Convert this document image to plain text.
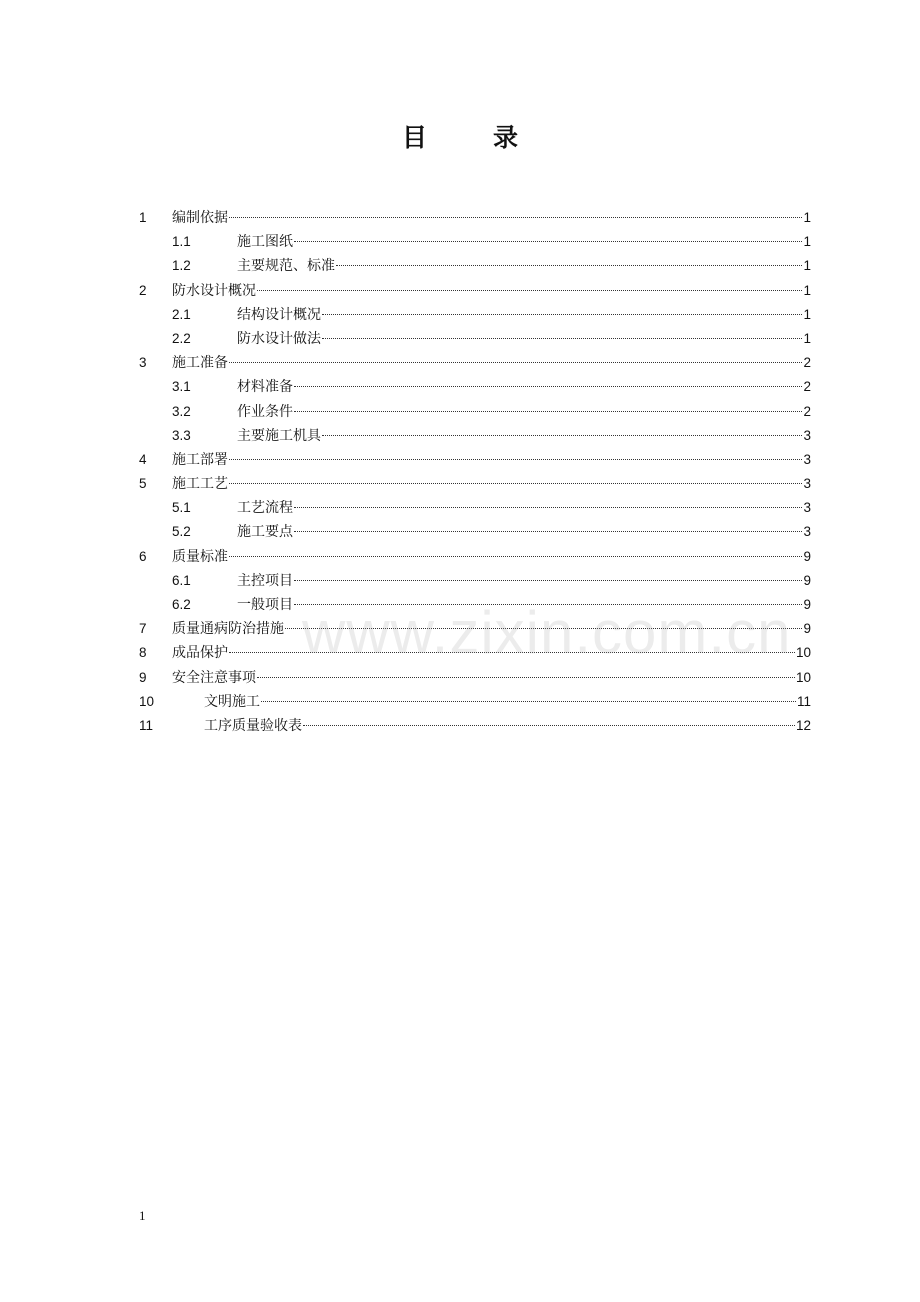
目	录
1	编制依据	1
1.1	施工图纸	1
1.2	主要规范、标准	1
2	防水设计概况	1
2.1	结构设计概况	1
2.2	防水设计做法	1
3	施工准备	2
3.1	材料准备	2
3.2	作业条件	2
3.3	主要施工机具	3
4	施工部署	3
5	施工工艺	3
5.1	工艺流程	3
5.2	施工要点	3
6	质量标准	9
6.1	主控项目	9
6.2	一般项目	9
7	质量通病防治措施	9
8	成品保护	10
9	安全注意事项	10
10	文明施工	11
11	工序质量验收表	12
www.zixin.com.cn
1
